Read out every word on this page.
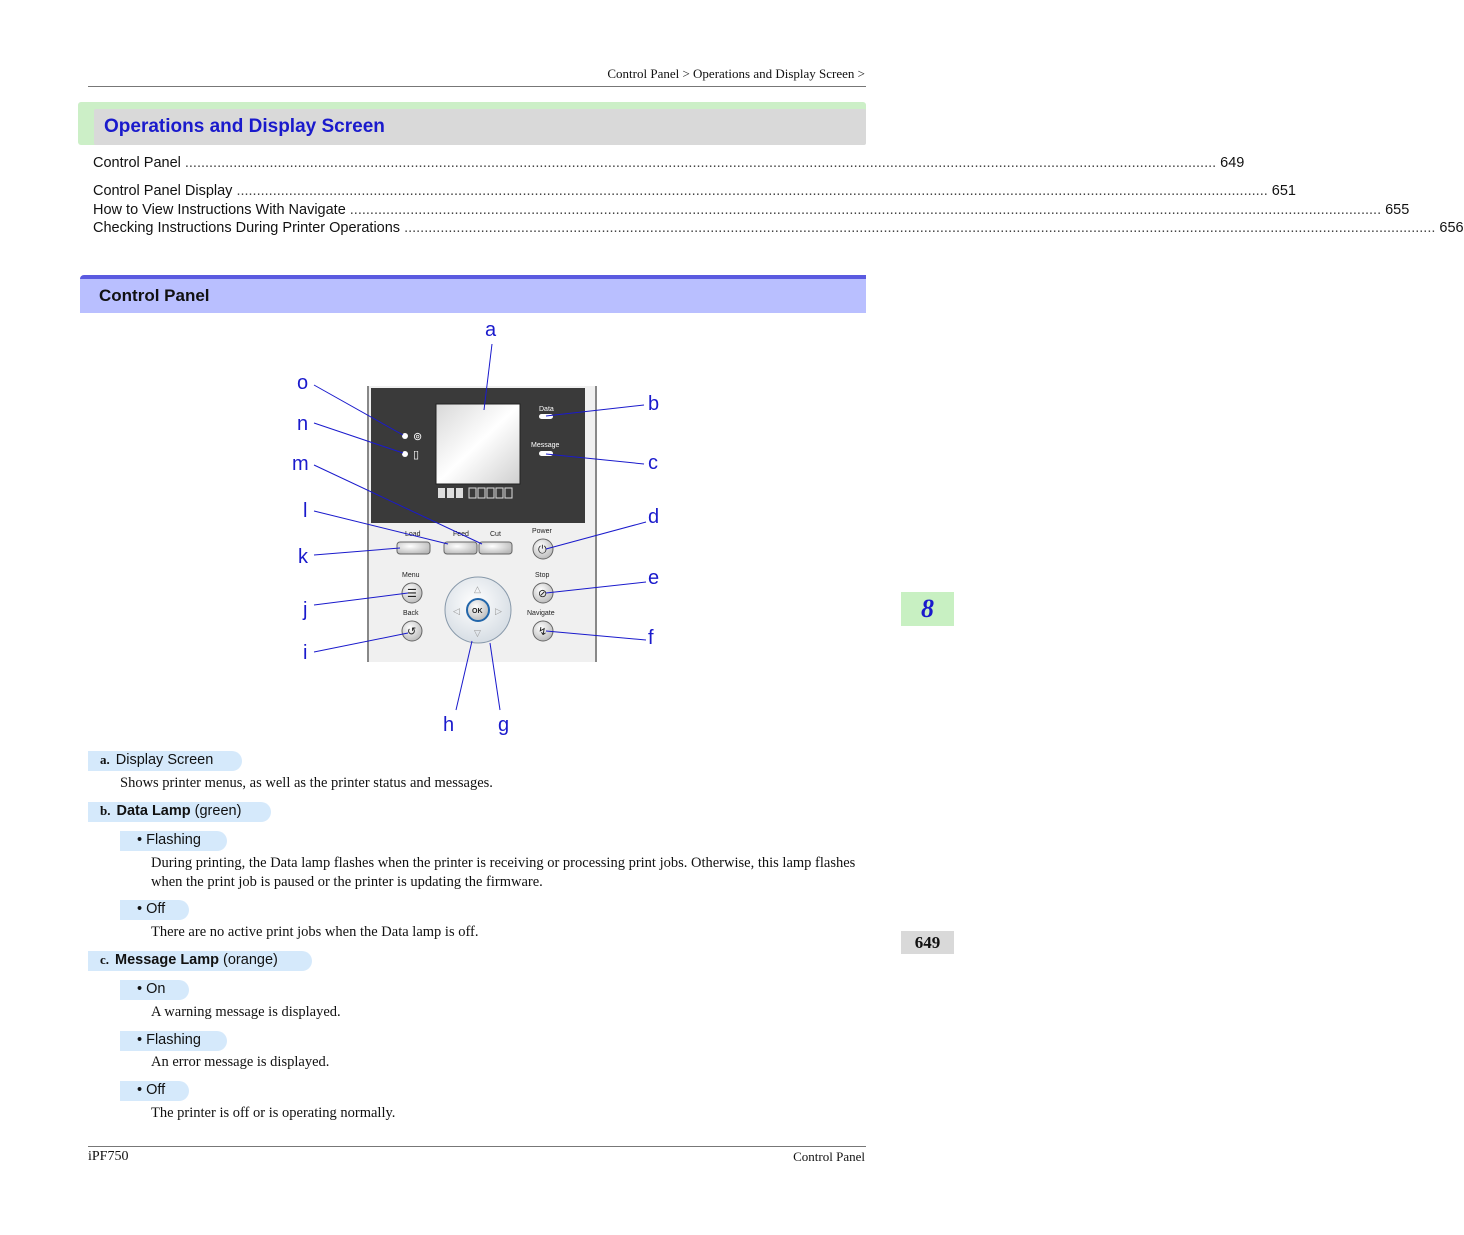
Control Panel > Operations and Display Screen >
Operations and Display Screen
Control Panel .....	649
Control Panel Display .....	651
How to View Instructions With Navigate .....	655
Checking Instructions During Printer Operations .....	656
Control Panel
⊚
▯
Data
Message
Load	Feed	Cut	Power
⏻
Menu
☰
Back
↺
△
▽
◁	▷
OK
Stop
⊘
Navigate
↯
a
b
c
d
e
f
g
h
i
j
k
l
m
n
o
a. Display Screen
Shows printer menus, as well as the printer status and messages.
b. Data Lamp (green)
• Flashing
During printing, the Data lamp flashes when the printer is receiving or processing print jobs. Otherwise, this lamp flashes when the print job is paused or the printer is updating the firmware.
• Off
There are no active print jobs when the Data lamp is off.
c. Message Lamp (orange)
• On
A warning message is displayed.
• Flashing
An error message is displayed.
• Off
The printer is off or is operating normally.
8
649
iPF750	Control Panel
